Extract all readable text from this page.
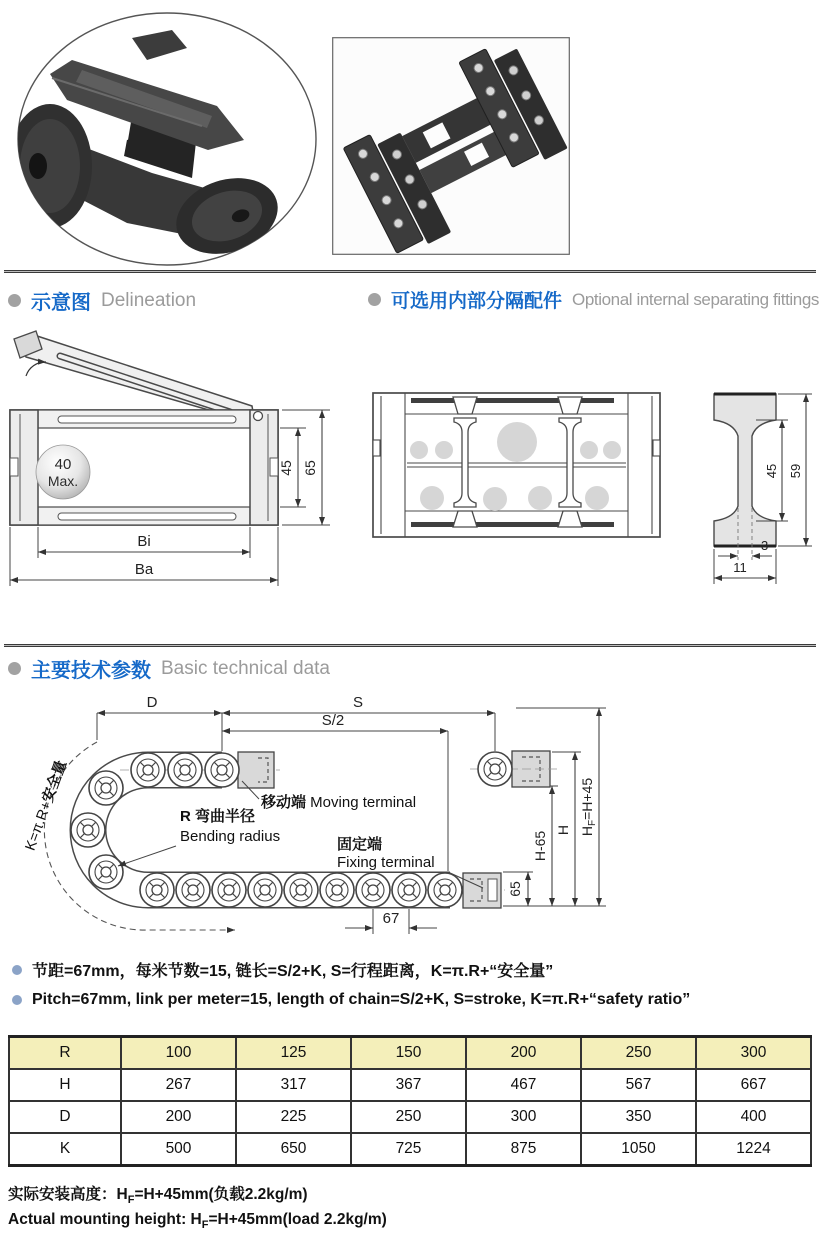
示意图 Delineation	可选用内部分隔配件 Optional internal separating fittings
40
Max.
45 65
Bi
Ba
45 59
3
11
主要技术参数 Basic technical data
D	S
S/2
移动端 Moving terminal
R 弯曲半径
Bending radius	固定端
Fixing terminal
K=π.R+安全量
67
65
H-65
H $H_F=H+45$
节距=67mm，每米节数=15, 链长=S/2+K, S=行程距离，K=π.R+“安全量”
Pitch=67mm, link per meter=15, length of chain=S/2+K, S=stroke, K=π.R+“safety ratio”
R	100	125	150	200	250	300
H	267	317	367	467	567	667
D	200	225	250	300	350	400
K	500	650	725	875	1050	1224
实际安装高度：$H_F=H+45mm$(负载2.2kg/m)
Actual mounting height: $H_F=H+45mm(load$ 2.2kg/m)
